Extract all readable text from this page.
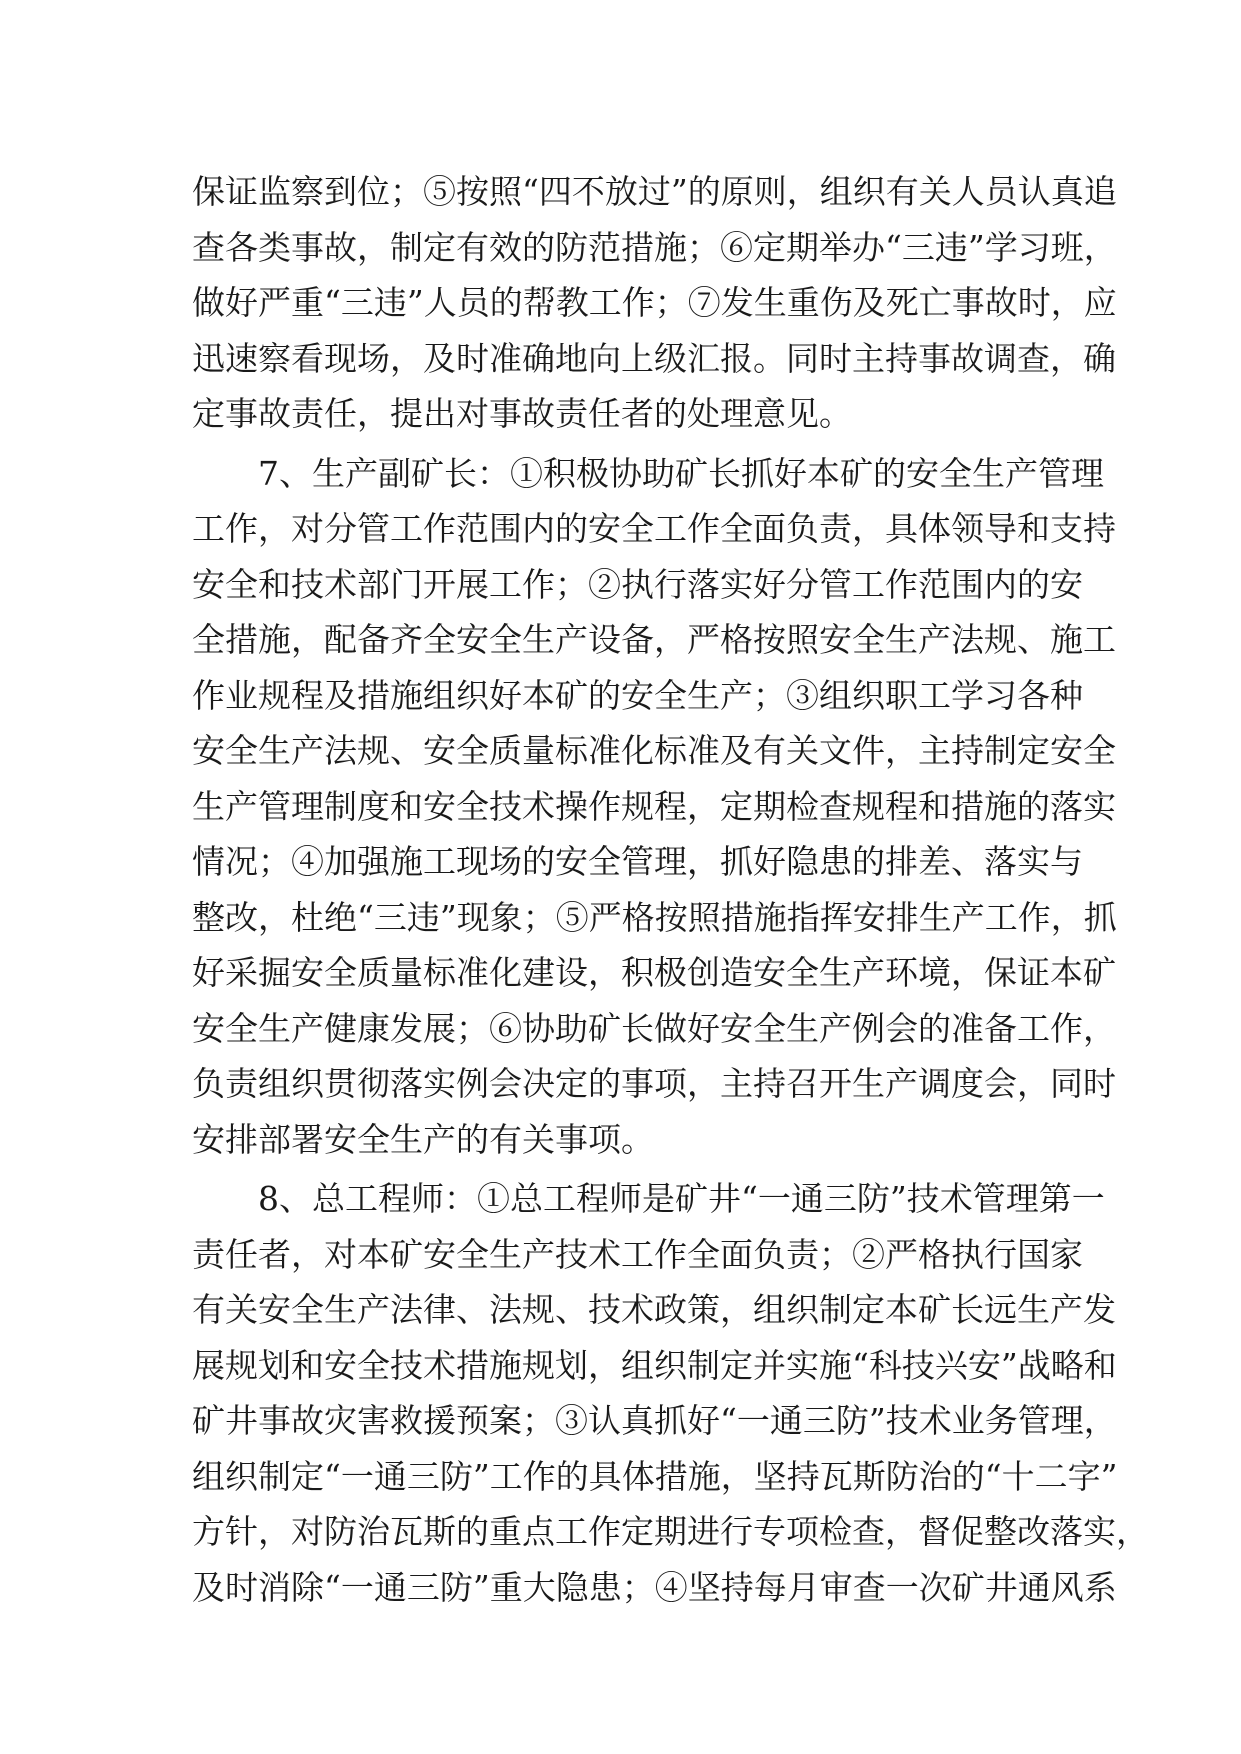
保证监察到位；⑤按照“四不放过”的原则，组织有关人员认真追
查各类事故，制定有效的防范措施；⑥定期举办“三违”学习班，
做好严重“三违”人员的帮教工作；⑦发生重伤及死亡事故时，应
迅速察看现场，及时准确地向上级汇报。同时主持事故调查，确
定事故责任，提出对事故责任者的处理意见。
7、生产副矿长：①积极协助矿长抓好本矿的安全生产管理
工作，对分管工作范围内的安全工作全面负责，具体领导和支持
安全和技术部门开展工作；②执行落实好分管工作范围内的安
全措施，配备齐全安全生产设备，严格按照安全生产法规、施工
作业规程及措施组织好本矿的安全生产；③组织职工学习各种
安全生产法规、安全质量标准化标准及有关文件，主持制定安全
生产管理制度和安全技术操作规程，定期检查规程和措施的落实
情况；④加强施工现场的安全管理，抓好隐患的排差、落实与
整改，杜绝“三违”现象；⑤严格按照措施指挥安排生产工作，抓
好采掘安全质量标准化建设，积极创造安全生产环境，保证本矿
安全生产健康发展；⑥协助矿长做好安全生产例会的准备工作，
负责组织贯彻落实例会决定的事项，主持召开生产调度会，同时
安排部署安全生产的有关事项。
8、总工程师：①总工程师是矿井“一通三防”技术管理第一
责任者，对本矿安全生产技术工作全面负责；②严格执行国家
有关安全生产法律、法规、技术政策，组织制定本矿长远生产发
展规划和安全技术措施规划，组织制定并实施“科技兴安”战略和
矿井事故灾害救援预案；③认真抓好“一通三防”技术业务管理，
组织制定“一通三防”工作的具体措施，坚持瓦斯防治的“十二字”
方针，对防治瓦斯的重点工作定期进行专项检查，督促整改落实，
及时消除“一通三防”重大隐患；④坚持每月审查一次矿井通风系
